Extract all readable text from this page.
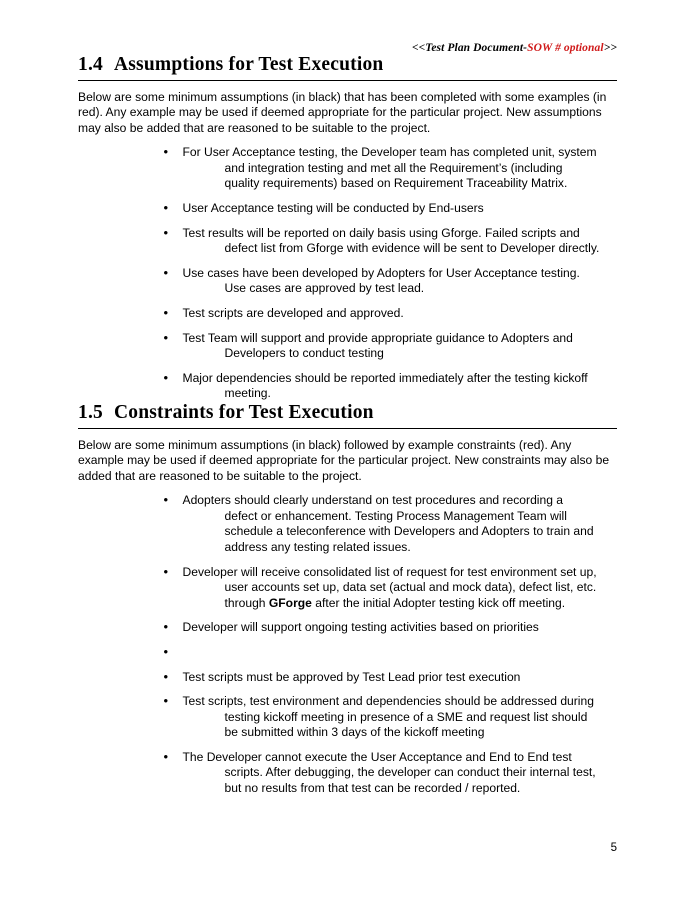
<<Test Plan Document-SOW # optional>>
1.4 Assumptions for Test Execution

Below are some minimum assumptions (in black) that has been completed with some examples (in red). Any example may be used if deemed appropriate for the particular project. New assumptions may also be added that are reasoned to be suitable to the project.

• For User Acceptance testing, the Developer team has completed unit, system
and integration testing and met all the Requirement’s (including
quality requirements) based on Requirement Traceability Matrix.
• User Acceptance testing will be conducted by End-users
• Test results will be reported on daily basis using Gforge. Failed scripts and
defect list from Gforge with evidence will be sent to Developer directly.
• Use cases have been developed by Adopters for User Acceptance testing.
Use cases are approved by test lead.
• Test scripts are developed and approved.
• Test Team will support and provide appropriate guidance to Adopters and
Developers to conduct testing
• Major dependencies should be reported immediately after the testing kickoff
meeting.
1.5 Constraints for Test Execution

Below are some minimum assumptions (in black) followed by example constraints (red). Any example may be used if deemed appropriate for the particular project. New constraints may also be added that are reasoned to be suitable to the project.

• Adopters should clearly understand on test procedures and recording a
defect or enhancement. Testing Process Management Team will
schedule a teleconference with Developers and Adopters to train and
address any testing related issues.
• Developer will receive consolidated list of request for test environment set up,
user accounts set up, data set (actual and mock data), defect list, etc.
through GForge after the initial Adopter testing kick off meeting.
• Developer will support ongoing testing activities based on priorities
•
• Test scripts must be approved by Test Lead prior test execution
• Test scripts, test environment and dependencies should be addressed during
testing kickoff meeting in presence of a SME and request list should
be submitted within 3 days of the kickoff meeting
• The Developer cannot execute the User Acceptance and End to End test
scripts. After debugging, the developer can conduct their internal test,
but no results from that test can be recorded / reported.
5
